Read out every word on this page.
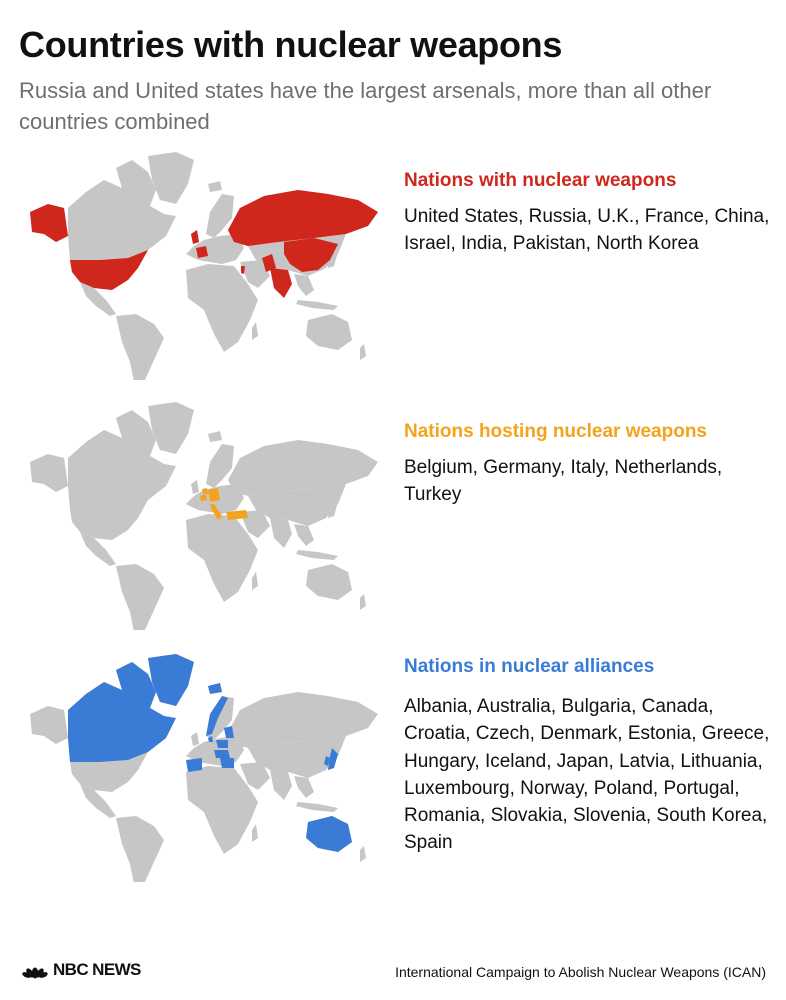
Countries with nuclear weapons
Russia and United states have the largest arsenals, more than all other countries combined
Nations with nuclear weapons
United States, Russia, U.K., France, China, Israel, India, Pakistan, North Korea
Nations hosting nuclear weapons
Belgium, Germany, Italy, Netherlands, Turkey
Nations in nuclear alliances
Albania, Australia, Bulgaria, Canada, Croatia, Czech, Denmark, Estonia, Greece, Hungary, Iceland, Japan, Latvia, Lithuania, Luxembourg, Norway, Poland, Portugal, Romania, Slovakia, Slovenia, South Korea, Spain
NBC NEWS	International Campaign to Abolish Nuclear Weapons (ICAN)
